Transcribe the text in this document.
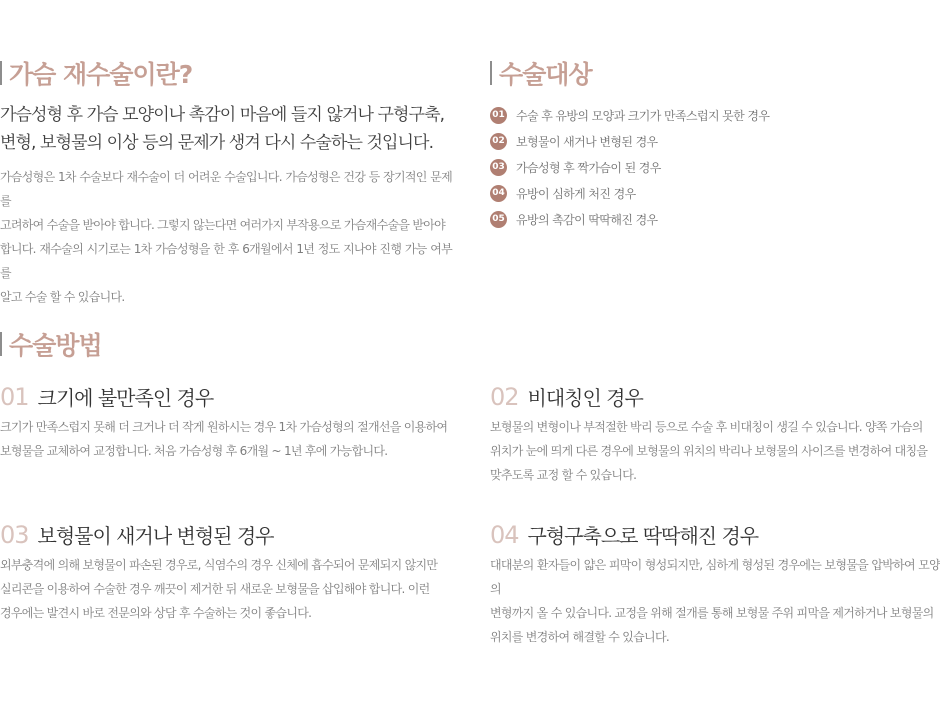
가슴 재수술이란?

가슴성형 후 가슴 모양이나 촉감이 마음에 들지 않거나 구형구축,

변형, 보형물의 이상 등의 문제가 생겨 다시 수술하는 것입니다.

가슴성형은 1차 수술보다 재수술이 더 어려운 수술입니다. 가슴성형은 건강 등 장기적인 문제를

고려하여 수술을 받아야 합니다. 그렇지 않는다면 여러가지 부작용으로 가슴재수술을 받아야

합니다. 재수술의 시기로는 1차 가슴성형을 한 후 6개월에서 1년 정도 지나야 진행 가능 여부를

알고 수술 할 수 있습니다.

수술대상
01 수술 후 유방의 모양과 크기가 만족스럽지 못한 경우
02 보형물이 새거나 변형된 경우
03 가슴성형 후 짝가슴이 된 경우
04 유방이 심하게 처진 경우
05 유방의 촉감이 딱딱해진 경우
수술방법
01 크기에 불만족인 경우

크기가 만족스럽지 못해 더 크거나 더 작게 원하시는 경우 1차 가슴성형의 절개선을 이용하여

보형물을 교체하여 교정합니다. 처음 가슴성형 후 6개월 ~ 1년 후에 가능합니다.

02 비대칭인 경우

보형물의 변형이나 부적절한 박리 등으로 수술 후 비대칭이 생길 수 있습니다. 양쪽 가슴의

위치가 눈에 띄게 다른 경우에 보형물의 위치의 박리나 보형물의 사이즈를 변경하여 대칭을

맞추도록 교정 할 수 있습니다.

03 보형물이 새거나 변형된 경우

외부충격에 의해 보형물이 파손된 경우로, 식염수의 경우 신체에 흡수되어 문제되지 않지만

실리콘을 이용하여 수술한 경우 깨끗이 제거한 뒤 새로운 보형물을 삽입해야 합니다. 이런

경우에는 발견시 바로 전문의와 상담 후 수술하는 것이 좋습니다.

04 구형구축으로 딱딱해진 경우

대대분의 환자들이 얇은 피막이 형성되지만, 심하게 형성된 경우에는 보형물을 압박하여 모양의

변형까지 올 수 있습니다. 교정을 위해 절개를 통해 보형물 주위 피막을 제거하거나 보형물의

위치를 변경하여 해결할 수 있습니다.
